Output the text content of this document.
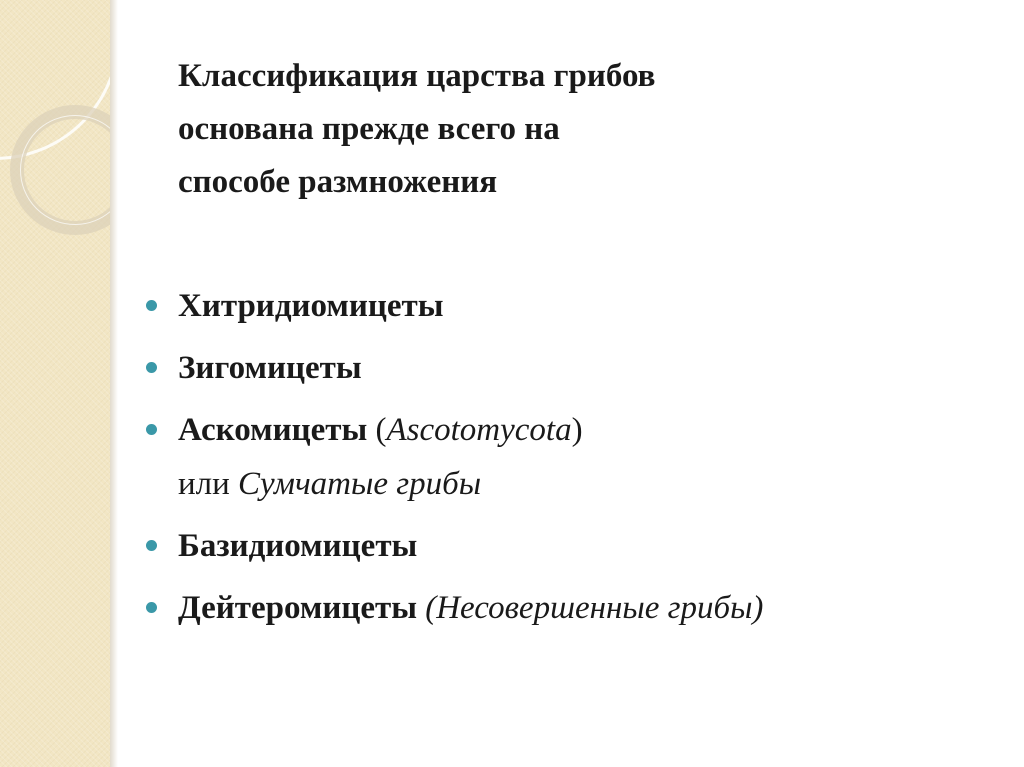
Классификация царства грибов
основана прежде всего на
способе размножения
Хитридиомицеты
Зигомицеты
Аскомицеты (Ascotomycota)
или Сумчатые грибы
Базидиомицеты
Дейтеромицеты (Несовершенные грибы)
